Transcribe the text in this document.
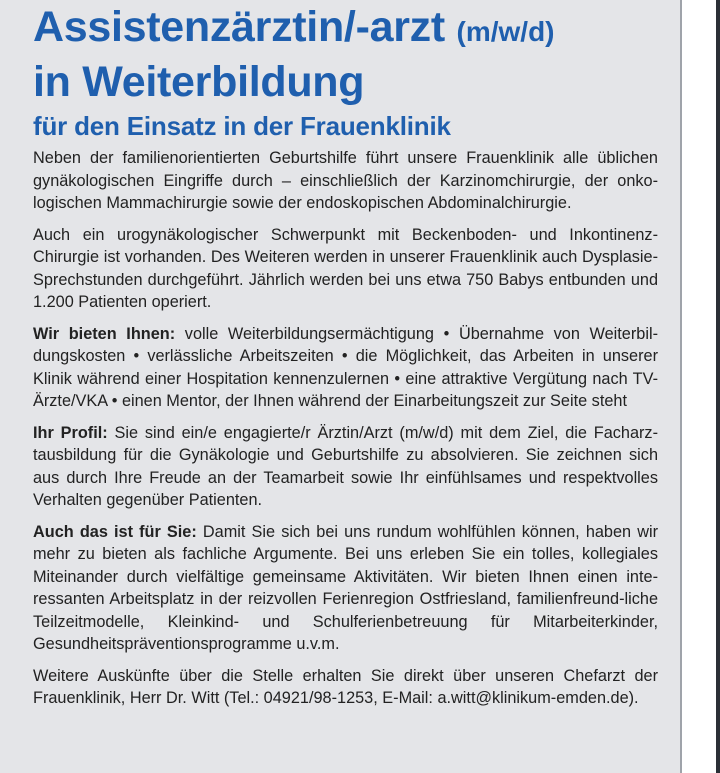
Assistenzärztin/-arzt (m/w/d)
in Weiterbildung
für den Einsatz in der Frauenklinik

Neben der familienorientierten Geburtshilfe führt unsere Frauenklinik alle üblichen gynäkologischen Eingriffe durch – einschließlich der Karzinomchirurgie, der onko-logischen Mammachirurgie sowie der endoskopischen Abdominalchirurgie.

Auch ein urogynäkologischer Schwerpunkt mit Beckenboden- und Inkontinenz-Chirurgie ist vorhanden. Des Weiteren werden in unserer Frauenklinik auch Dysplasie-Sprechstunden durchgeführt. Jährlich werden bei uns etwa 750 Babys entbunden und 1.200 Patienten operiert.

Wir bieten Ihnen: volle Weiterbildungsermächtigung • Übernahme von Weiterbil-dungskosten • verlässliche Arbeitszeiten • die Möglichkeit, das Arbeiten in unserer Klinik während einer Hospitation kennenzulernen • eine attraktive Vergütung nach TV-Ärzte/VKA • einen Mentor, der Ihnen während der Einarbeitungszeit zur Seite steht

Ihr Profil: Sie sind ein/e engagierte/r Ärztin/Arzt (m/w/d) mit dem Ziel, die Facharz-tausbildung für die Gynäkologie und Geburtshilfe zu absolvieren. Sie zeichnen sich aus durch Ihre Freude an der Teamarbeit sowie Ihr einfühlsames und respektvolles Verhalten gegenüber Patienten.

Auch das ist für Sie: Damit Sie sich bei uns rundum wohlfühlen können, haben wir mehr zu bieten als fachliche Argumente. Bei uns erleben Sie ein tolles, kollegiales Miteinander durch vielfältige gemeinsame Aktivitäten. Wir bieten Ihnen einen inte-ressanten Arbeitsplatz in der reizvollen Ferienregion Ostfriesland, familienfreund-liche Teilzeitmodelle, Kleinkind- und Schulferienbetreuung für Mitarbeiterkinder, Gesundheitspräventionsprogramme u.v.m.

Weitere Auskünfte über die Stelle erhalten Sie direkt über unseren Chefarzt der Frauenklinik, Herr Dr. Witt (Tel.: 04921/98-1253, E-Mail: a.witt@klinikum-emden.de).
